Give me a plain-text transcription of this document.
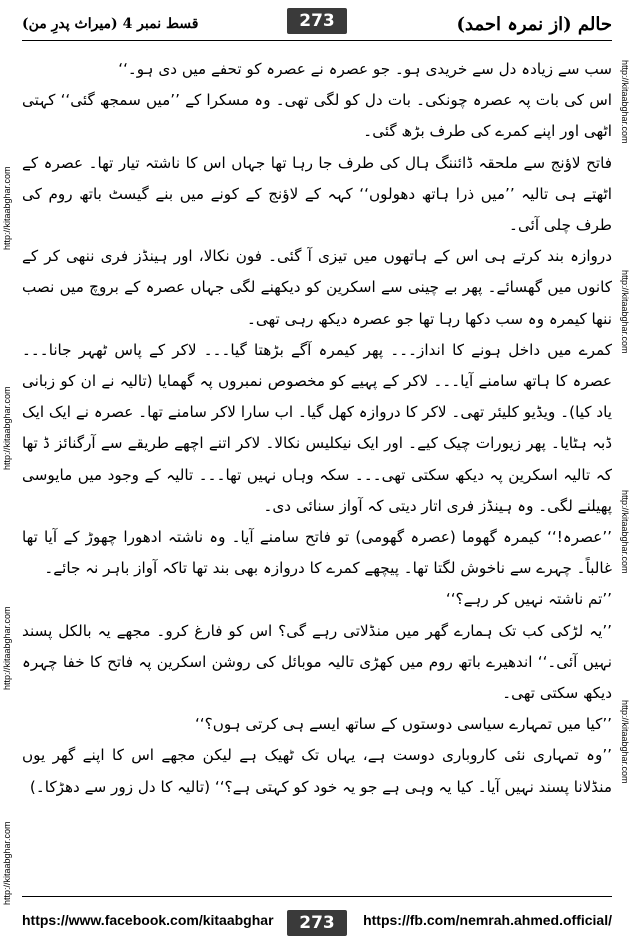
قسط نمبر 4 (میراث پدرِ من)	حالم (از نمرہ احمد)
273
http://kitaabghar.com
http://kitaabghar.com
http://kitaabghar.com
http://kitaabghar.com
http://kitaabghar.com
http://kitaabghar.com
http://kitaabghar.com
http://kitaabghar.com

سب سے زیادہ دل سے خریدی ہو۔ جو عصرہ نے عصرہ کو تحفے میں دی ہو۔‘‘

اس کی بات پہ عصرہ چونکی۔ بات دل کو لگی تھی۔ وہ مسکرا کے ’’میں سمجھ گئی‘‘ کہتی اٹھی اور اپنے کمرے کی طرف بڑھ گئی۔

فاتح لاؤنج سے ملحقہ ڈائننگ ہال کی طرف جا رہا تھا جہاں اس کا ناشتہ تیار تھا۔ عصرہ کے اٹھتے ہی تالیہ ’’میں ذرا ہاتھ دھولوں‘‘ کہہ کے لاؤنج کے کونے میں بنے گیسٹ باتھ روم کی طرف چلی آئی۔

دروازہ بند کرتے ہی اس کے ہاتھوں میں تیزی آ گئی۔ فون نکالا، اور ہینڈز فری ننھی کر کے کانوں میں گھسائے۔ پھر بے چینی سے اسکرین کو دیکھنے لگی جہاں عصرہ کے بروچ میں نصب ننھا کیمرہ وہ سب دکھا رہا تھا جو عصرہ دیکھ رہی تھی۔

کمرے میں داخل ہونے کا انداز۔۔۔ پھر کیمرہ آگے بڑھتا گیا۔۔۔ لاکر کے پاس ٹھہر جانا۔۔۔ عصرہ کا ہاتھ سامنے آیا۔۔۔ لاکر کے پہیے کو مخصوص نمبروں پہ گھمایا (تالیہ نے ان کو زبانی یاد کیا)۔ ویڈیو کلیئر تھی۔ لاکر کا دروازہ کھل گیا۔ اب سارا لاکر سامنے تھا۔ عصرہ نے ایک ایک ڈبہ ہٹایا۔ پھر زیورات چیک کیے۔ اور ایک نیکلیس نکالا۔ لاکر اتنے اچھے طریقے سے آرگنائز ڈ تھا کہ تالیہ اسکرین پہ دیکھ سکتی تھی۔۔۔ سکہ وہاں نہیں تھا۔۔۔ تالیہ کے وجود میں مایوسی پھیلنے لگی۔ وہ ہینڈز فری اتار دیتی کہ آواز سنائی دی۔

’’عصرہ!‘‘ کیمرہ گھوما (عصرہ گھومی) تو فاتح سامنے آیا۔ وہ ناشتہ ادھورا چھوڑ کے آیا تھا غالباً۔ چہرے سے ناخوش لگتا تھا۔ پیچھے کمرے کا دروازہ بھی بند تھا تاکہ آواز باہر نہ جائے۔

’’تم ناشتہ نہیں کر رہے؟‘‘

’’یہ لڑکی کب تک ہمارے گھر میں منڈلاتی رہے گی؟ اس کو فارغ کرو۔ مجھے یہ بالکل پسند نہیں آئی۔‘‘ اندھیرے باتھ روم میں کھڑی تالیہ موبائل کی روشن اسکرین پہ فاتح کا خفا چہرہ دیکھ سکتی تھی۔

’’کیا میں تمہارے سیاسی دوستوں کے ساتھ ایسے ہی کرتی ہوں؟‘‘

’’وہ تمہاری نئی کاروباری دوست ہے، یہاں تک ٹھیک ہے لیکن مجھے اس کا اپنے گھر یوں منڈلانا پسند نہیں آیا۔ کیا یہ وہی ہے جو یہ خود کو کہتی ہے؟‘‘ (تالیہ کا دل زور سے دھڑکا۔)

https://www.facebook.com/kitaabghar	273	https://fb.com/nemrah.ahmed.official/
